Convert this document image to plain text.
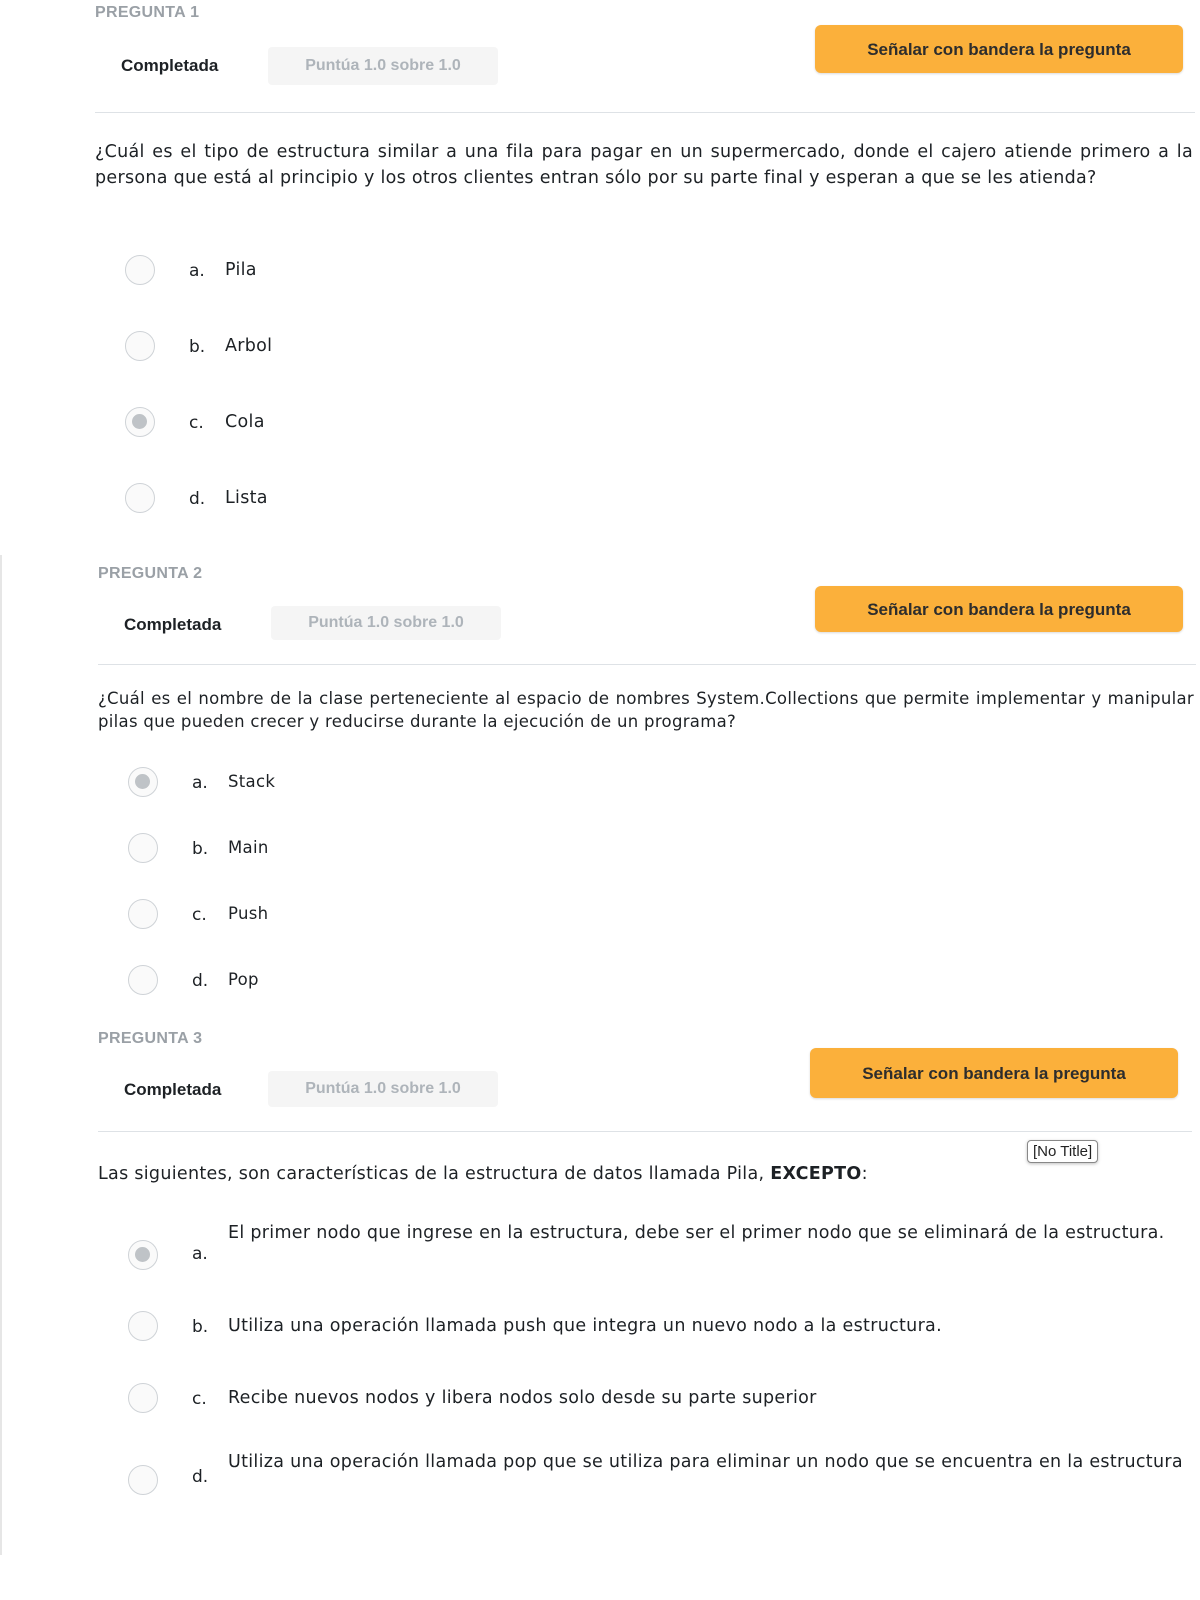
PREGUNTA 1
Completada	Puntúa 1.0 sobre 1.0
Señalar con bandera la pregunta
¿Cuál es el tipo de estructura similar a una fila para pagar en un supermercado, donde el cajero atiende primero a la persona que está al principio y los otros clientes entran sólo por su parte final y esperan a que se les atienda?
a. Pila
b. Arbol
c. Cola
d. Lista
PREGUNTA 2
Completada	Puntúa 1.0 sobre 1.0
Señalar con bandera la pregunta
¿Cuál es el nombre de la clase perteneciente al espacio de nombres System.Collections que permite implementar y manipular pilas que pueden crecer y reducirse durante la ejecución de un programa?
a. Stack
b. Main
c. Push
d. Pop
PREGUNTA 3
Completada	Puntúa 1.0 sobre 1.0
Señalar con bandera la pregunta
Las siguientes, son características de la estructura de datos llamada Pila, EXCEPTO:
a.
El primer nodo que ingrese en la estructura, debe ser el primer nodo que se eliminará de la estructura.
b. Utiliza una operación llamada push que integra un nuevo nodo a la estructura.
c. Recibe nuevos nodos y libera nodos solo desde su parte superior
d.
Utiliza una operación llamada pop que se utiliza para eliminar un nodo que se encuentra en la estructura
[No Title]
